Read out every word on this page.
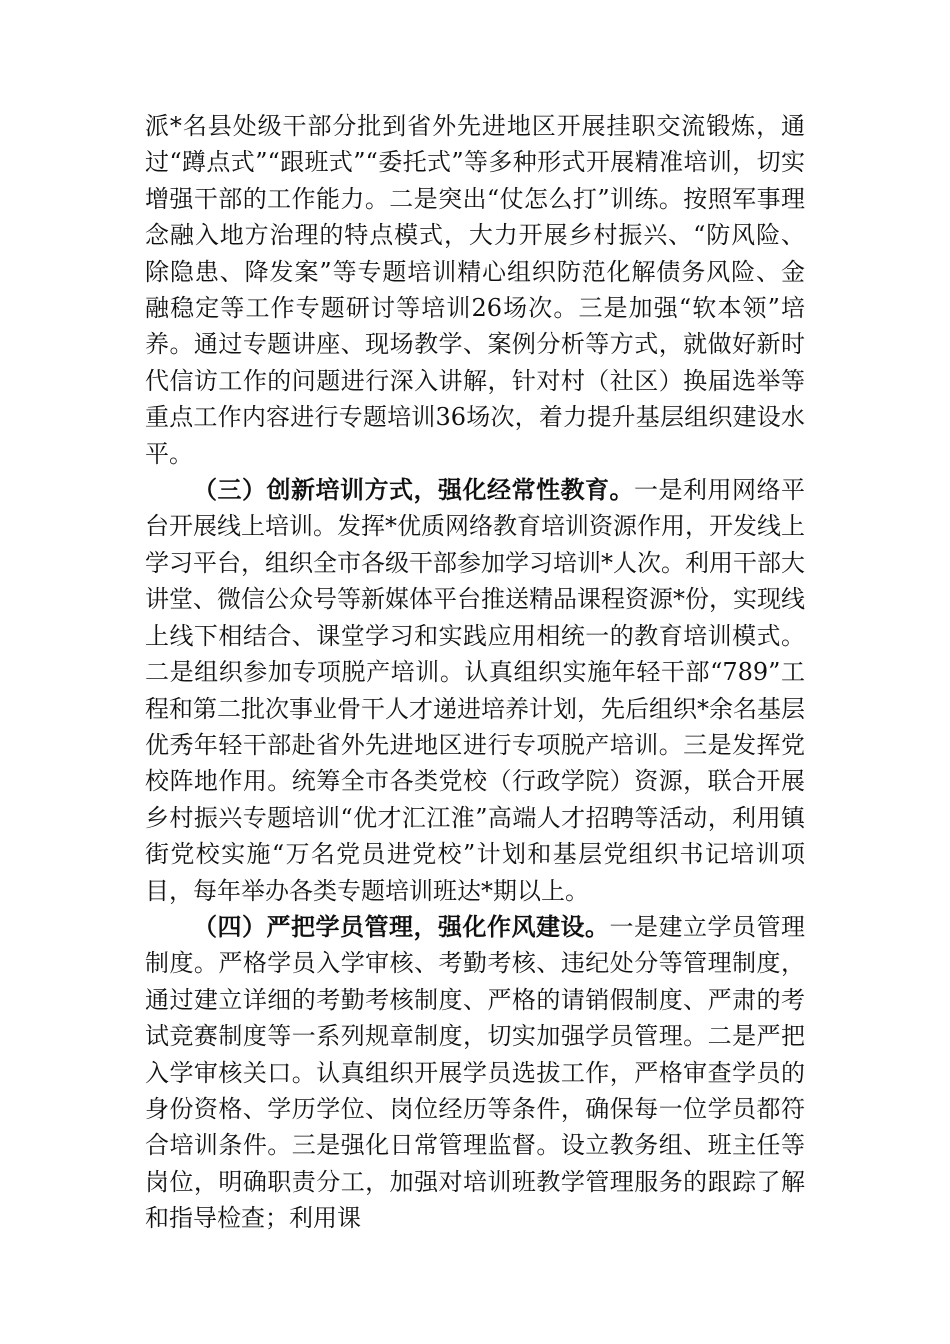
派*名县处级干部分批到省外先进地区开展挂职交流锻炼，通过“蹲点式”“跟班式”“委托式”等多种形式开展精准培训，切实增强干部的工作能力。二是突出“仗怎么打”训练。按照军事理念融入地方治理的特点模式，大力开展乡村振兴、“防风险、除隐患、降发案”等专题培训精心组织防范化解债务风险、金融稳定等工作专题研讨等培训26场次。三是加强“软本领”培养。通过专题讲座、现场教学、案例分析等方式，就做好新时代信访工作的问题进行深入讲解，针对村（社区）换届选举等重点工作内容进行专题培训36场次，着力提升基层组织建设水平。

（三）创新培训方式，强化经常性教育。一是利用网络平台开展线上培训。发挥*优质网络教育培训资源作用，开发线上学习平台，组织全市各级干部参加学习培训*人次。利用干部大讲堂、微信公众号等新媒体平台推送精品课程资源*份，实现线上线下相结合、课堂学习和实践应用相统一的教育培训模式。二是组织参加专项脱产培训。认真组织实施年轻干部“789”工程和第二批次事业骨干人才递进培养计划，先后组织*余名基层优秀年轻干部赴省外先进地区进行专项脱产培训。三是发挥党校阵地作用。统筹全市各类党校（行政学院）资源，联合开展乡村振兴专题培训“优才汇江淮”高端人才招聘等活动，利用镇街党校实施“万名党员进党校”计划和基层党组织书记培训项目，每年举办各类专题培训班达*期以上。

（四）严把学员管理，强化作风建设。一是建立学员管理制度。严格学员入学审核、考勤考核、违纪处分等管理制度，通过建立详细的考勤考核制度、严格的请销假制度、严肃的考试竞赛制度等一系列规章制度，切实加强学员管理。二是严把入学审核关口。认真组织开展学员选拔工作，严格审查学员的身份资格、学历学位、岗位经历等条件，确保每一位学员都符合培训条件。三是强化日常管理监督。设立教务组、班主任等岗位，明确职责分工，加强对培训班教学管理服务的跟踪了解和指导检查；利用课
